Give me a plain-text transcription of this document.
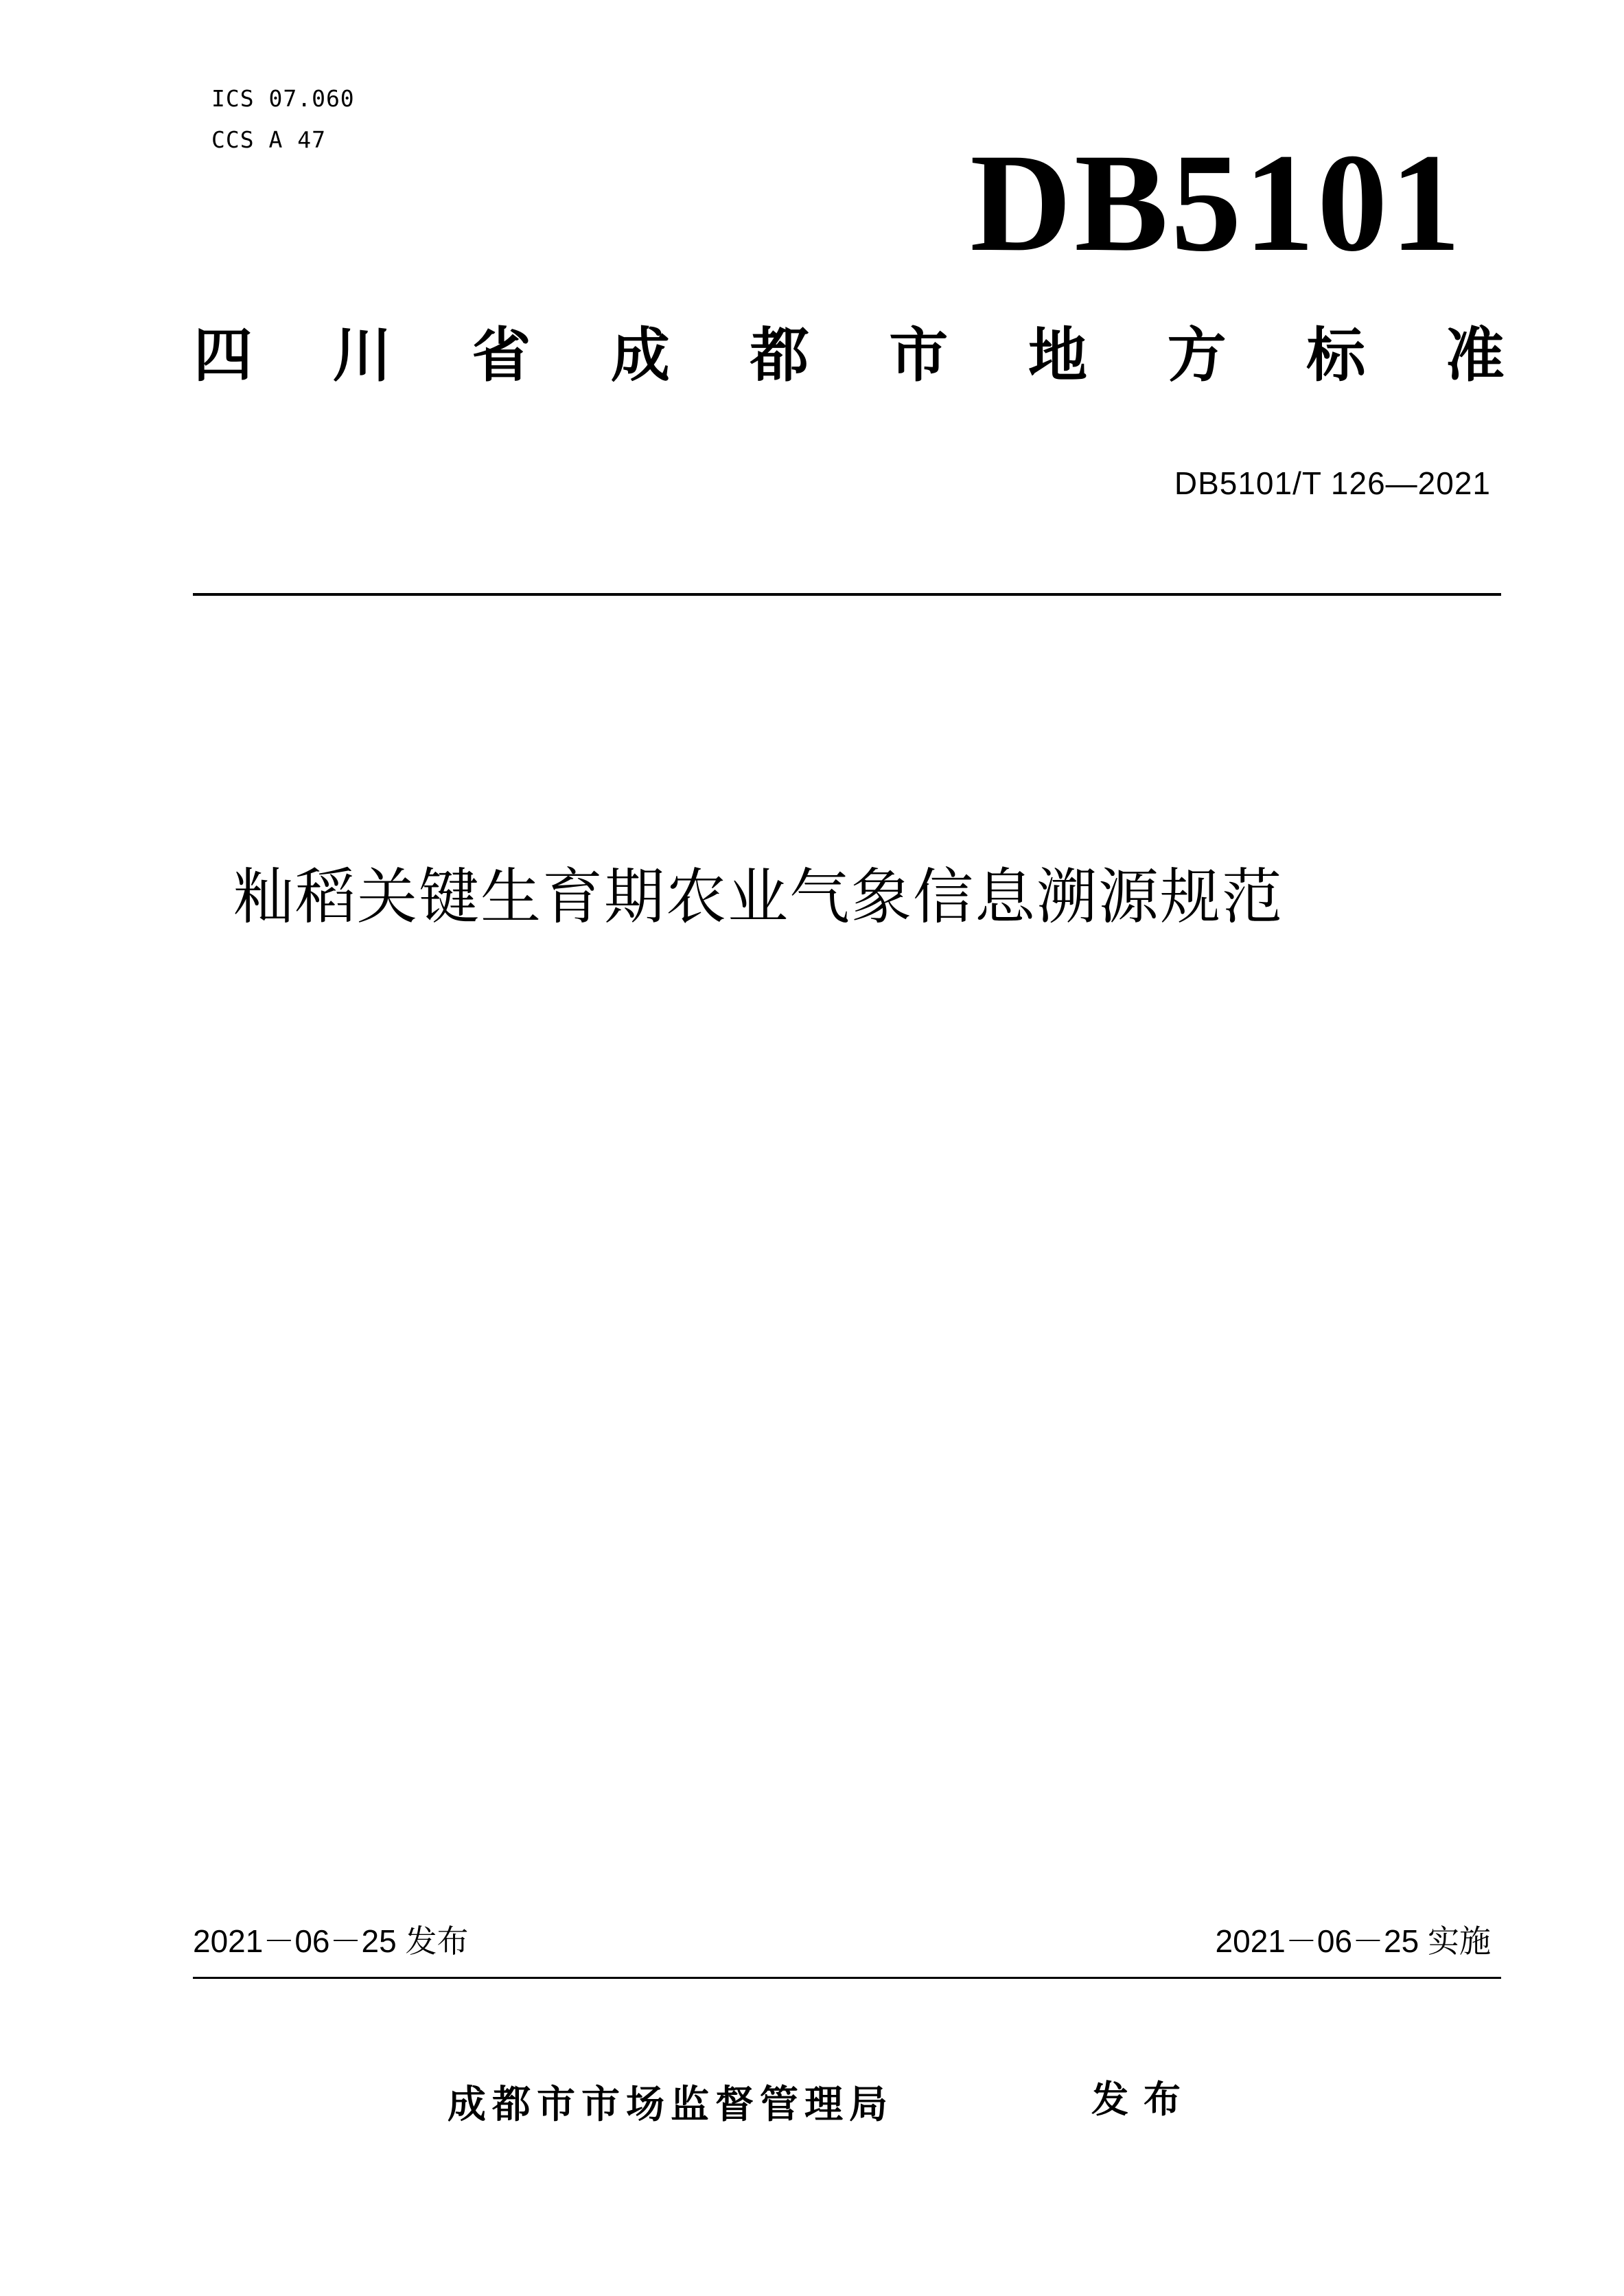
ICS 07.060
CCS A 47	DB5101
四 川 省 成 都 市 地 方 标 准
DB5101/T 126—2021
籼稻关键生育期农业气象信息溯源规范
2021－06－25 发布	2021－06－25 实施
成都市市场监督管理局	发布
